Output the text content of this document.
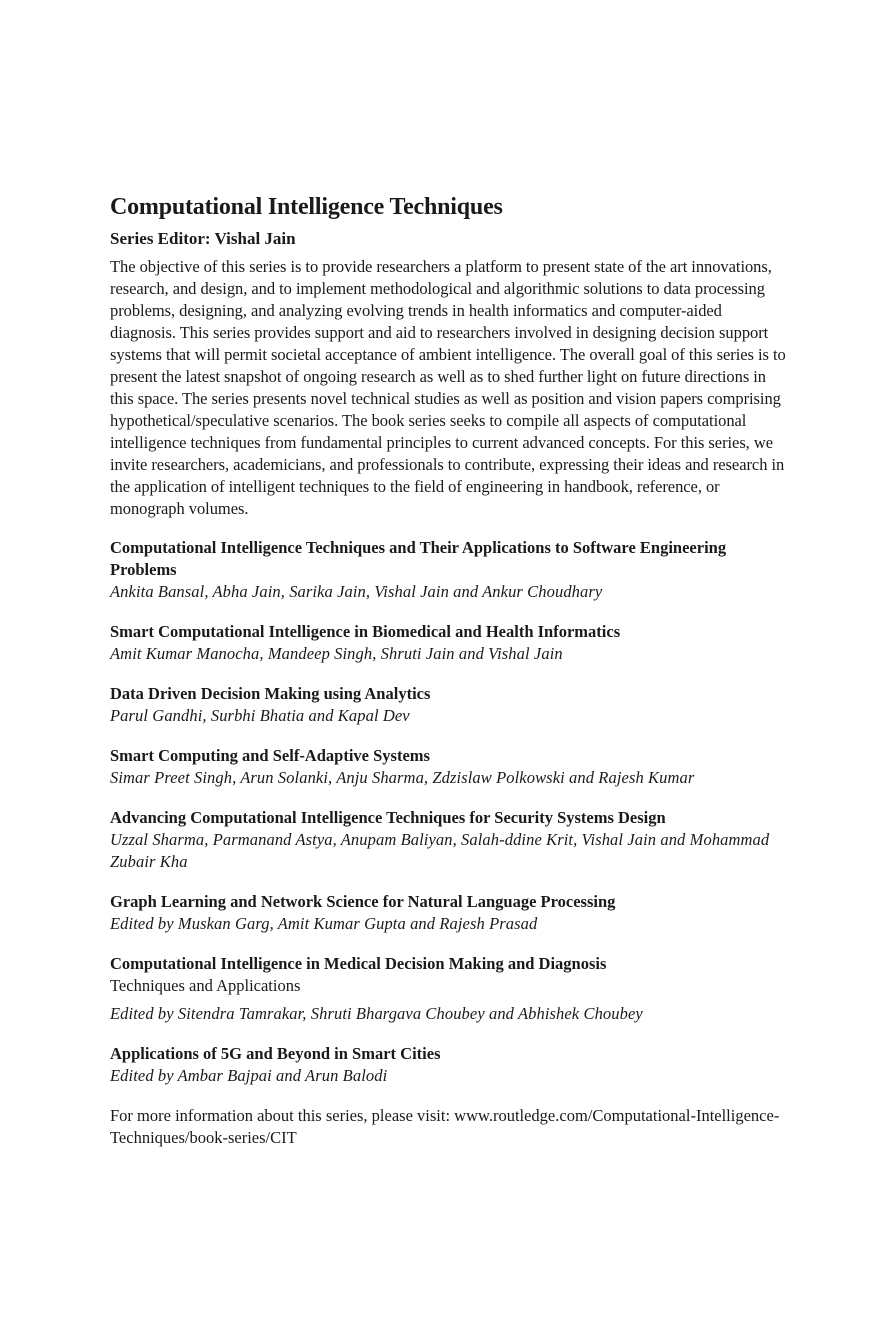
Computational Intelligence Techniques
Series Editor: Vishal Jain

The objective of this series is to provide researchers a platform to present state of the art innovations, research, and design, and to implement methodological and algorithmic solutions to data processing problems, designing, and analyzing evolving trends in health informatics and computer-aided diagnosis. This series provides support and aid to researchers involved in designing decision support systems that will permit societal acceptance of ambient intelligence. The overall goal of this series is to present the latest snapshot of ongoing research as well as to shed further light on future directions in this space. The series presents novel technical studies as well as position and vision papers comprising hypothetical/speculative scenarios. The book series seeks to compile all aspects of computational intelligence techniques from fundamental principles to current advanced concepts. For this series, we invite researchers, academicians, and professionals to contribute, expressing their ideas and research in the application of intelligent techniques to the field of engineering in handbook, reference, or monograph volumes.

Computational Intelligence Techniques and Their Applications to Software Engineering Problems
Ankita Bansal, Abha Jain, Sarika Jain, Vishal Jain and Ankur Choudhary
Smart Computational Intelligence in Biomedical and Health Informatics
Amit Kumar Manocha, Mandeep Singh, Shruti Jain and Vishal Jain
Data Driven Decision Making using Analytics
Parul Gandhi, Surbhi Bhatia and Kapal Dev
Smart Computing and Self-Adaptive Systems
Simar Preet Singh, Arun Solanki, Anju Sharma, Zdzislaw Polkowski and Rajesh Kumar
Advancing Computational Intelligence Techniques for Security Systems Design
Uzzal Sharma, Parmanand Astya, Anupam Baliyan, Salah-ddine Krit, Vishal Jain and Mohammad Zubair Kha
Graph Learning and Network Science for Natural Language Processing
Edited by Muskan Garg, Amit Kumar Gupta and Rajesh Prasad
Computational Intelligence in Medical Decision Making and Diagnosis
Techniques and Applications
Edited by Sitendra Tamrakar, Shruti Bhargava Choubey and Abhishek Choubey
Applications of 5G and Beyond in Smart Cities
Edited by Ambar Bajpai and Arun Balodi

For more information about this series, please visit: www.routledge.com/Computational-Intelligence-Techniques/book-series/CIT
